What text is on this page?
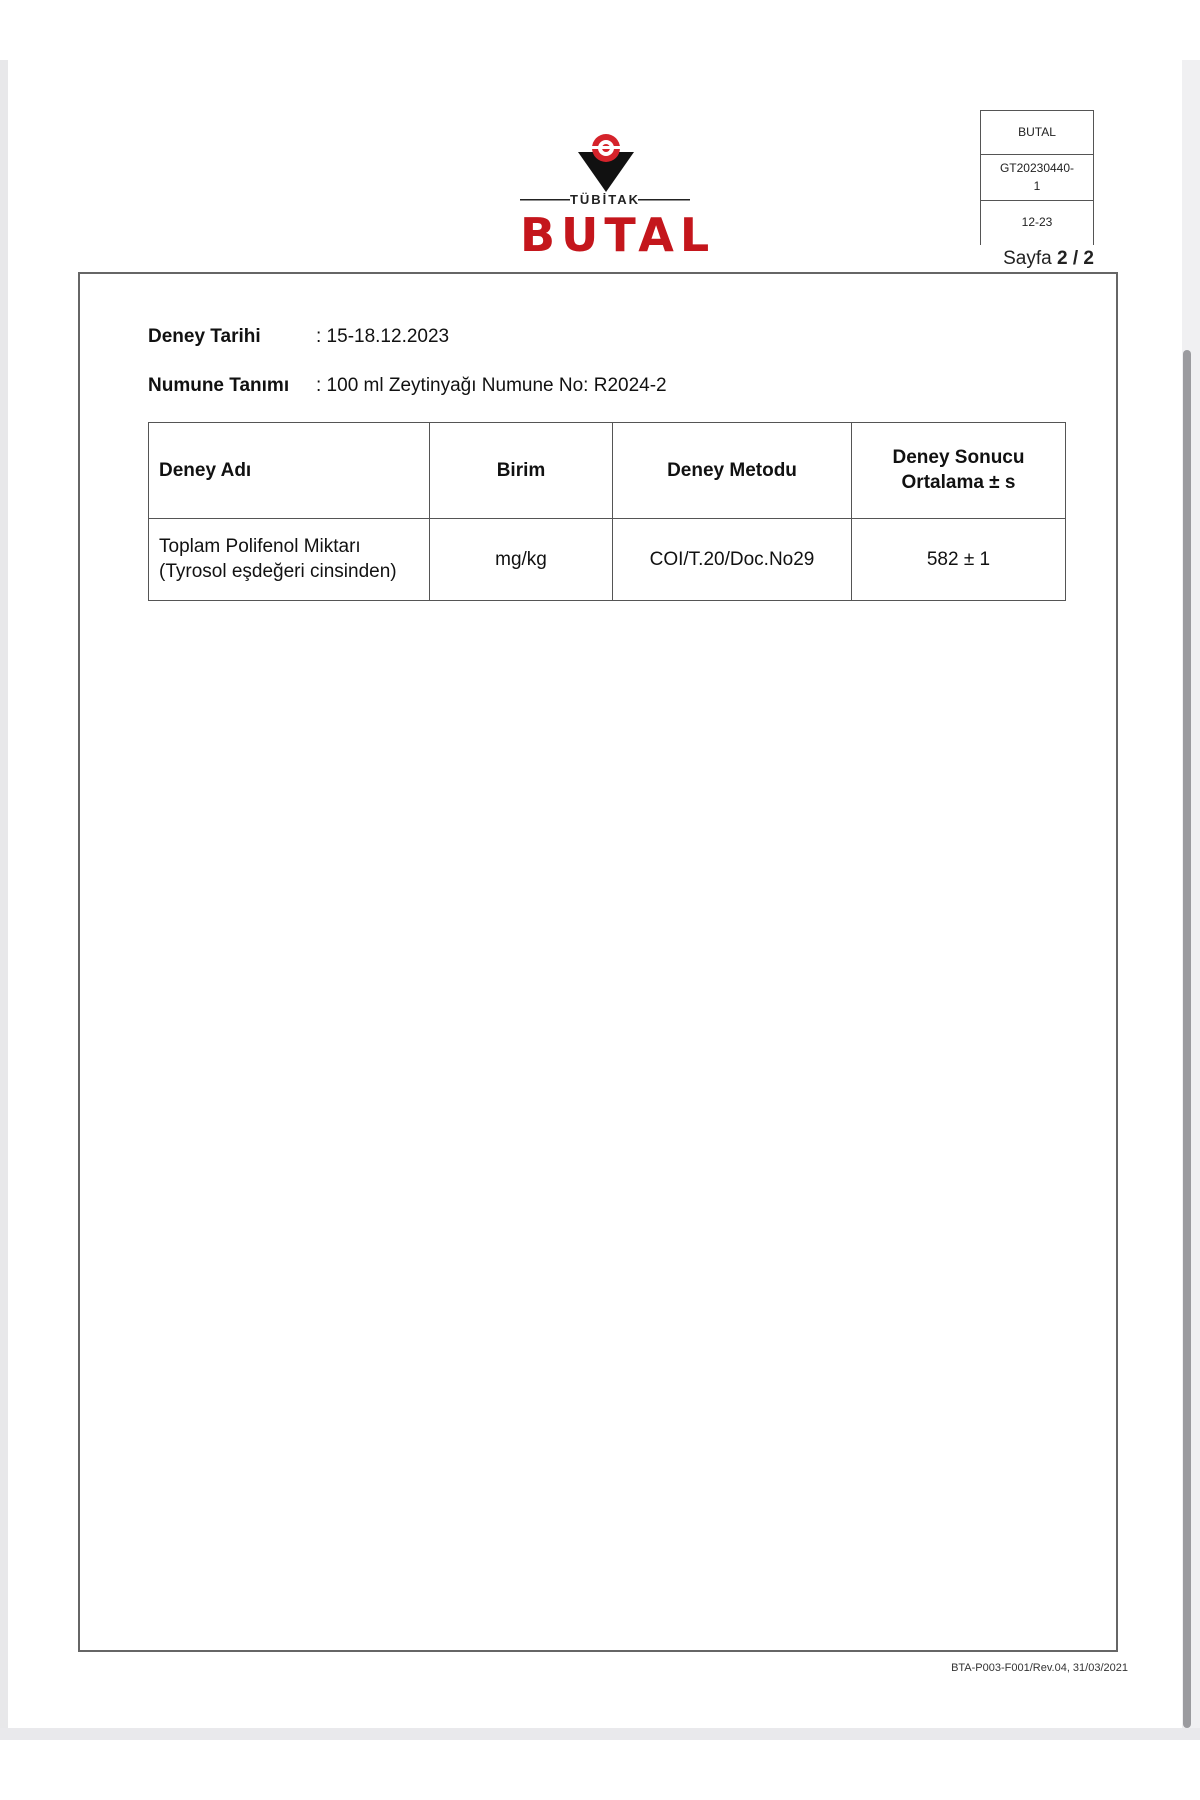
TÜBİTAK
BUTAL
BUTAL
GT20230440-
1
12-23
Sayfa 2 / 2
Deney Tarihi	: 15-18.12.2023
Numune Tanımı : 100 ml Zeytinyağı Numune No: R2024-2
Deney Adı	Birim	Deney Metodu	Deney Sonucu
Ortalama ± s
Toplam Polifenol Miktarı
(Tyrosol eşdeğeri cinsinden)	mg/kg	COI/T.20/Doc.No29	582 ± 1
BTA-P003-F001/Rev.04, 31/03/2021
